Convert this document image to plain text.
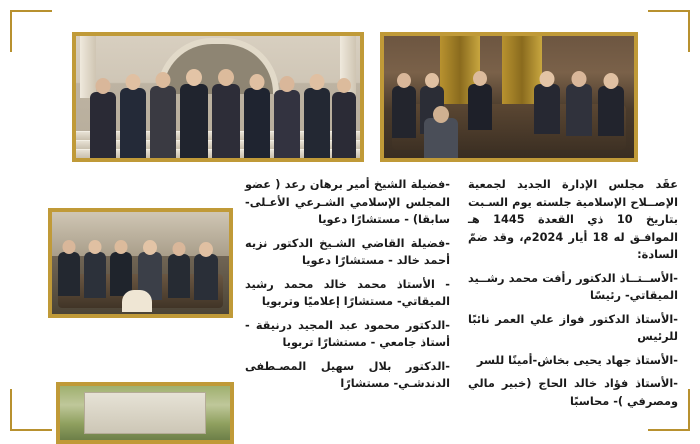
عقَد مجلس الإدارة الجديد لجمعية الإصــلاح الإسلامية جلسته يوم السـبت بتاريخ 10 ذي القعدة 1445 هـ الموافـق له 18 أيار 2024م، وقد ضمّ السادة:

-الأســتــاذ الدكتور رأفت محمد رشــيد الميقاتي- رئيسًا

-الأستاذ الدكتور فواز علي العمر نائبًا للرئيس

-الأستاذ جهاد يحيى بخاش-أمينًا للسر

-الأستاذ فؤاد خالد الحاج (خبير مالي ومصرفي )- محاسبًا

-فضيلة الشيخ أمير برهان رعد ( عضو المجلس الإسلامي الشـرعي الأعـلى- سابقا) - مستشارًا دعويا

-فضيلة القاضي الشـيخ الدكتور نزيه أحمد خالد - مستشارًا دعويا

- الأستاذ محمد خالد محمد رشيد الميقاتي- مستشارًا إعلاميًا وتربويا

-الدكتور محمود عبد المجيد درنيقة - أستاذ جامعي - مستشارًا تربويا

-الدكتور بلال سهيل المصـطفى الدندشـي- مستشارًا
